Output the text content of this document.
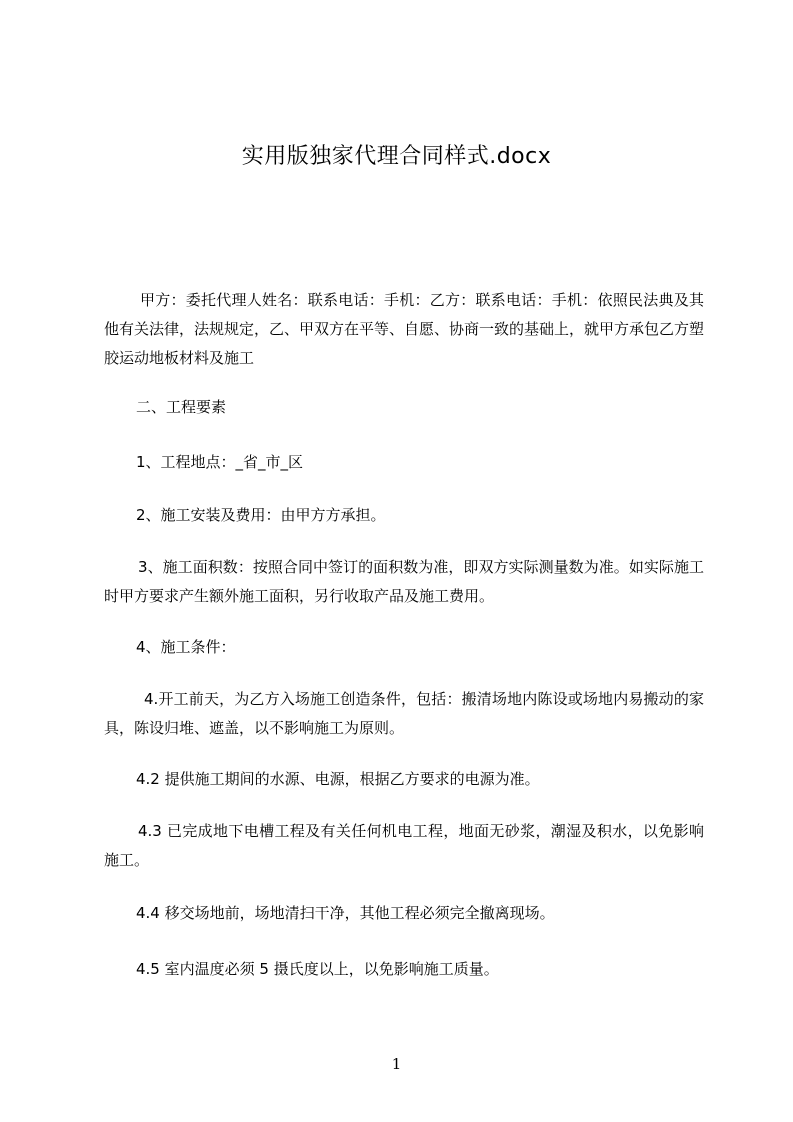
实用版独家代理合同样式.docx
甲方：委托代理人姓名：联系电话：手机：乙方：联系电话：手机：依照民法典及其他有关法律，法规规定，乙、甲双方在平等、自愿、协商一致的基础上，就甲方承包乙方塑胶运动地板材料及施工
二、工程要素
1、工程地点：_省_市_区
2、施工安装及费用：由甲方方承担。
3、施工面积数：按照合同中签订的面积数为准，即双方实际测量数为准。如实际施工时甲方要求产生额外施工面积，另行收取产品及施工费用。
4、施工条件：
4.开工前天，为乙方入场施工创造条件，包括：搬清场地内陈设或场地内易搬动的家具，陈设归堆、遮盖，以不影响施工为原则。
4.2 提供施工期间的水源、电源，根据乙方要求的电源为准。
4.3 已完成地下电槽工程及有关任何机电工程，地面无砂浆，潮湿及积水，以免影响施工。
4.4 移交场地前，场地清扫干净，其他工程必须完全撤离现场。
4.5 室内温度必须 5 摄氏度以上，以免影响施工质量。
1
